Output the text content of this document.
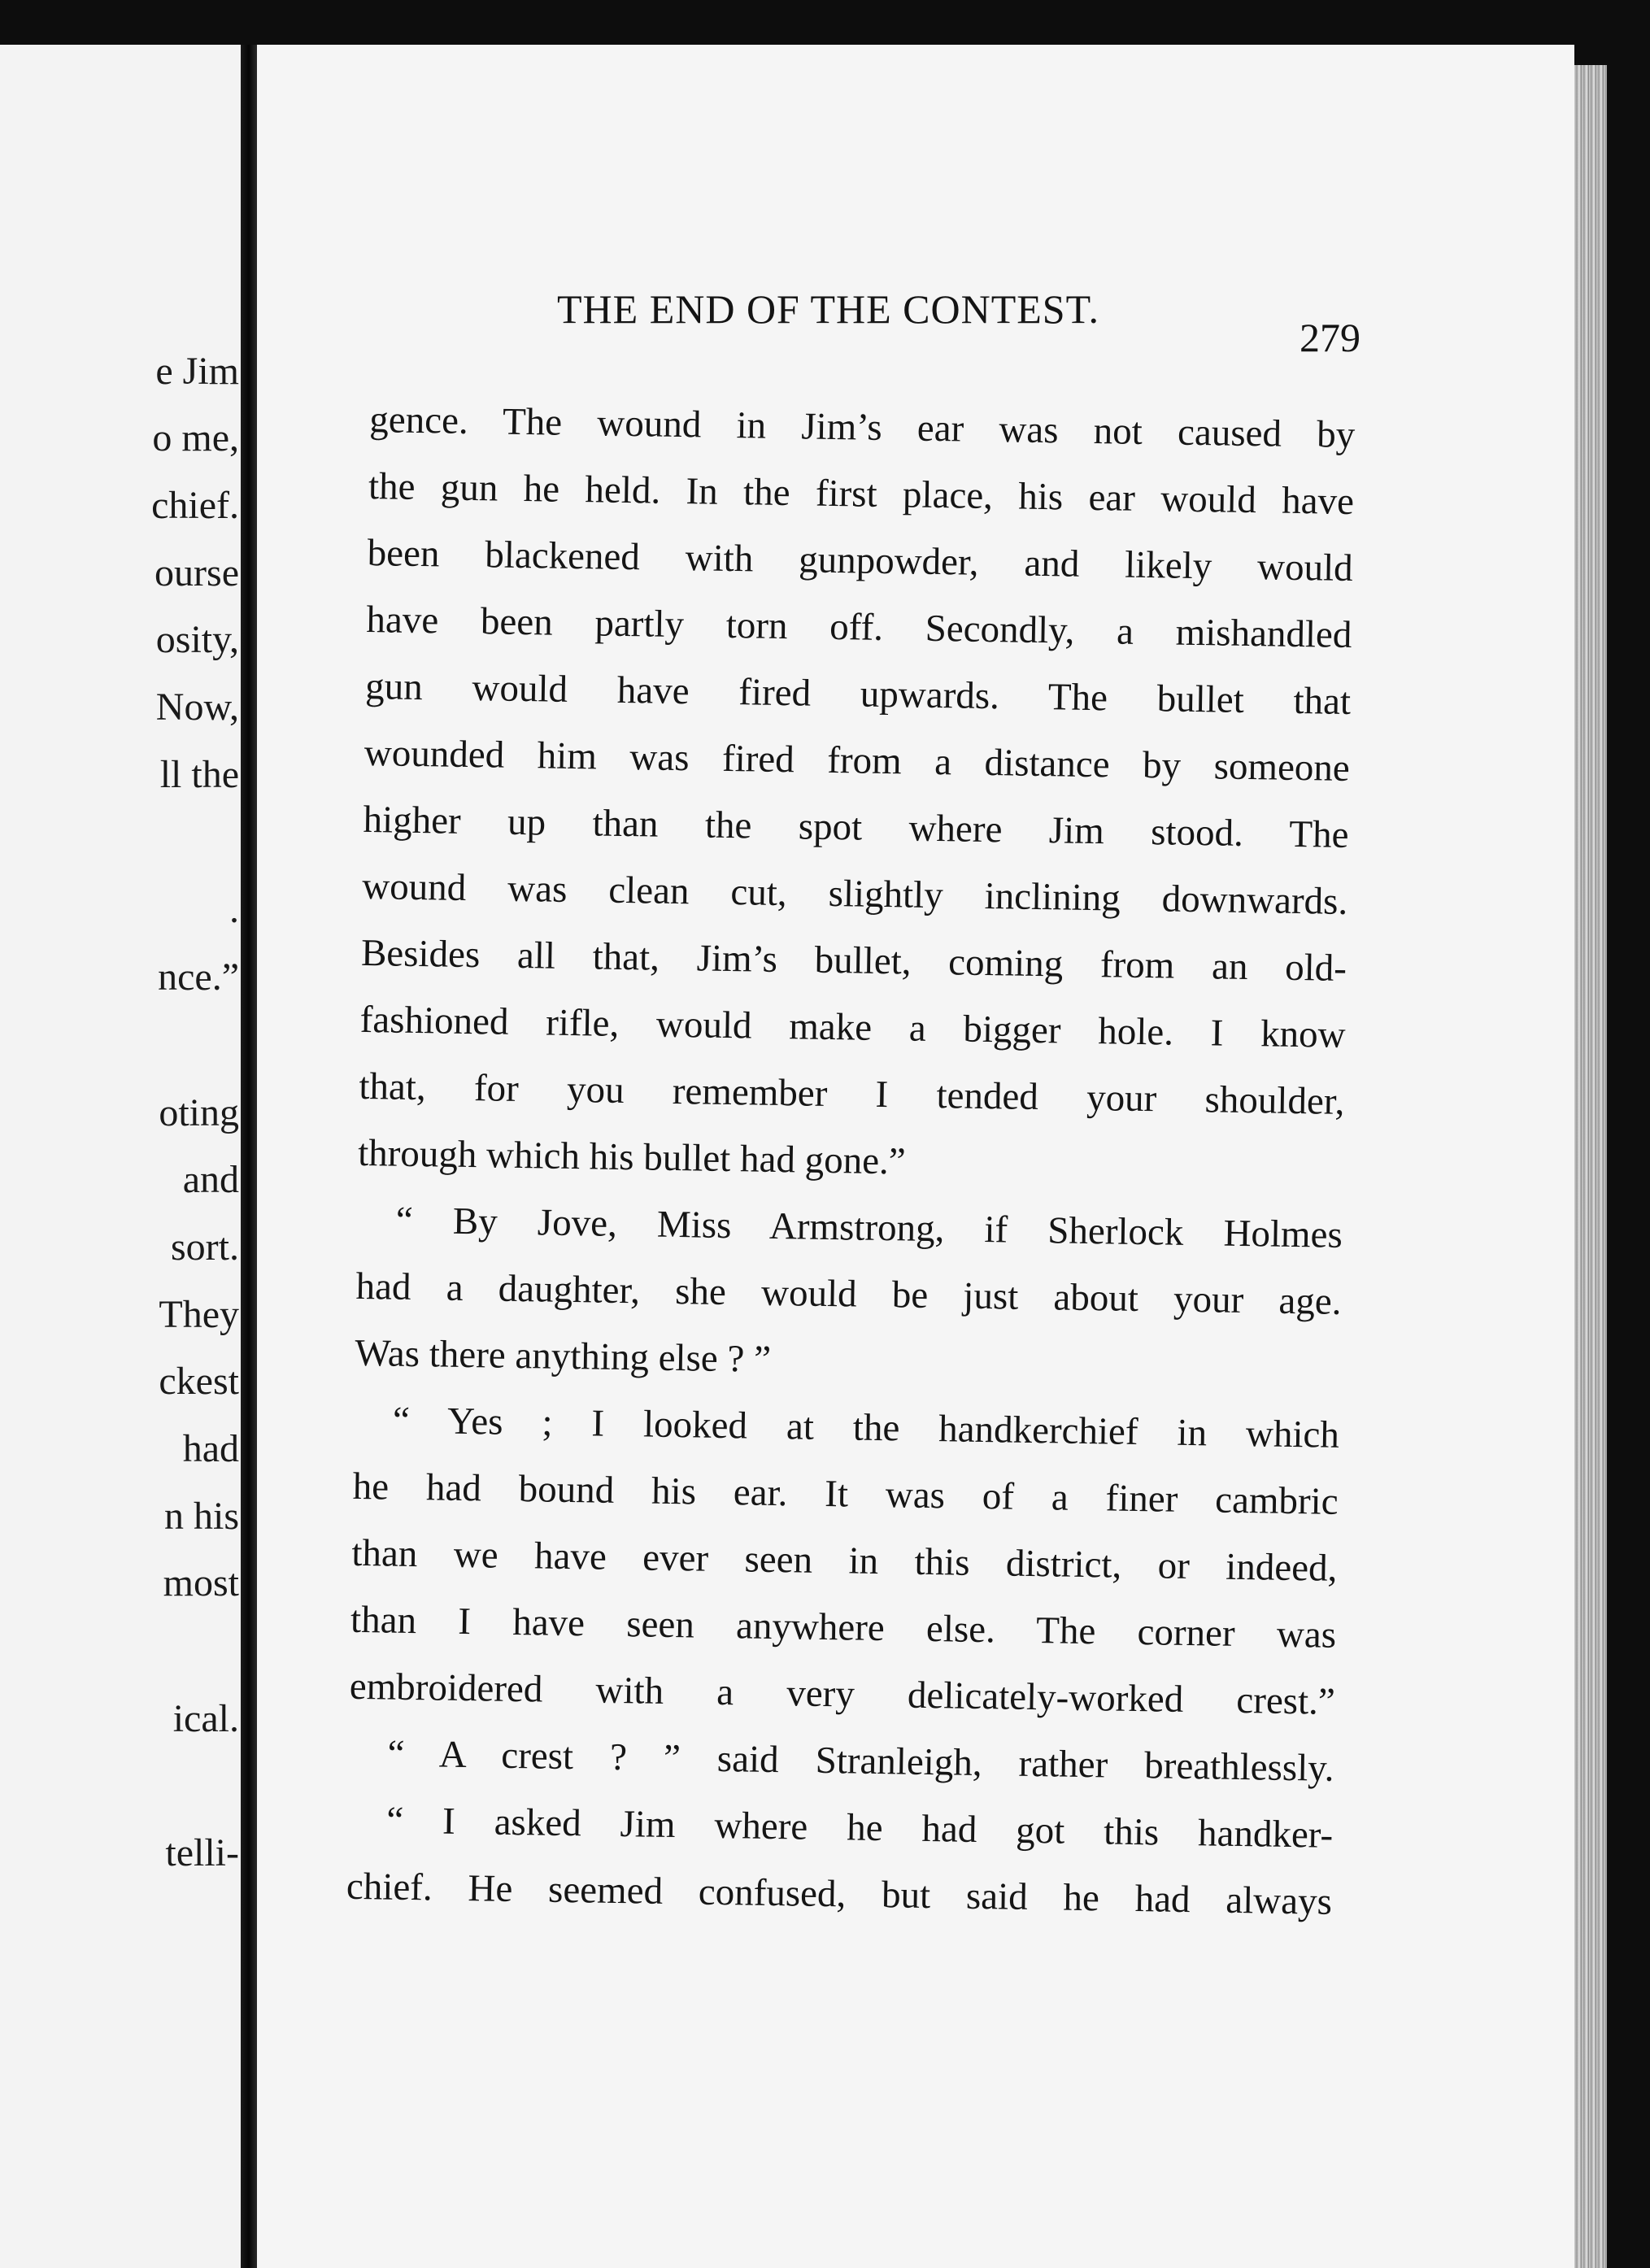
e Jim
o me,
chief.
ourse
osity,
Now,
ll the
.
nce.”
oting
and
sort.
They
ckest
had
n his
most
ical.
telli-
THE END OF THE CONTEST.
279
gence. The wound in Jim’s ear was not caused by
the gun he held. In the first place, his ear would have
been blackened with gunpowder, and likely would
have been partly torn off. Secondly, a mishandled
gun would have fired upwards. The bullet that
wounded him was fired from a distance by someone
higher up than the spot where Jim stood. The
wound was clean cut, slightly inclining downwards.
Besides all that, Jim’s bullet, coming from an old-
fashioned rifle, would make a bigger hole. I know
that, for you remember I tended your shoulder,
through which his bullet had gone.”
“ By Jove, Miss Armstrong, if Sherlock Holmes
had a daughter, she would be just about your age.
Was there anything else ? ”
“ Yes ; I looked at the handkerchief in which
he had bound his ear. It was of a finer cambric
than we have ever seen in this district, or indeed,
than I have seen anywhere else. The corner was
embroidered with a very delicately-worked crest.”
“ A crest ? ” said Stranleigh, rather breathlessly.
“ I asked Jim where he had got this handker-
chief. He seemed confused, but said he had always
